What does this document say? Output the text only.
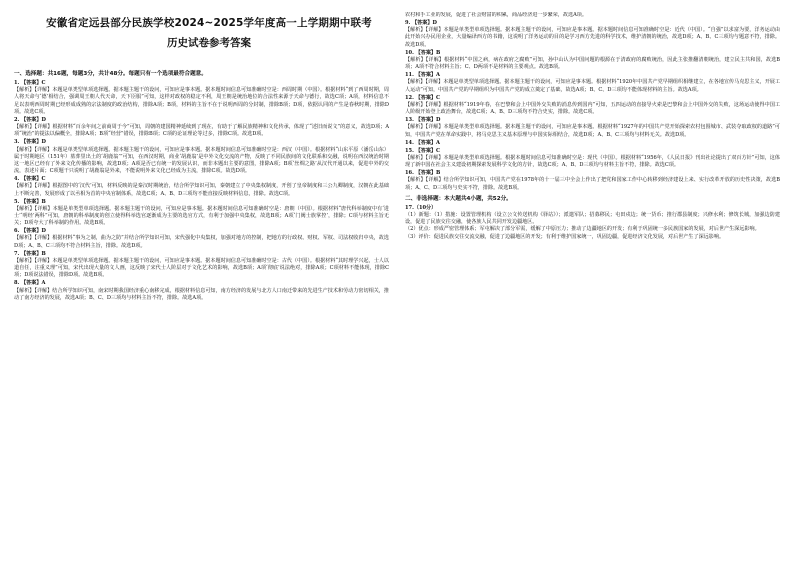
安徽省定远县部分民族学校2024~2025学年度高一上学期期中联考
历史试卷参考答案
一、选择题：共16题，每题3分，共计48分。每题只有一个选项最符合题意。
1. 【答案】C
【解析】【详解】本题是单类型单项选择题。据本题主题干的设问，可知应是事本题。据本题时间信息可知准确时空是：西周时期（中国）。根据材料“到了西周时期，周人将天命与‘德’相结合，强调周王朝人代天命，天下臣服”可知，这样对政权的稳定不利，周王朝是统治地位的合法性来源于天命与德行，故选C项；A项，材料信息不足以表明西周时期已经形成成熟的宗法制度的政治结构，排除A项；B项，材料的主旨不在于说明西周的分封制，排除B项；D项，依据认同的产生是春秋时期，排除D项。故选C项。
2. 【答案】D
【解析】【详解】根据材料“百余年间之前商周于今”可知，周朝的建国精神延续到了现在，有助于了解民族精神和文化传承，体现了“述旧而说文”的意义，故选D项；A项“统治”的提法以偏概全，排除A项；B项“经营”错误，排除B项；C项的论证理论等过多，排除C项。故选D项。
3. 【答案】D
【解析】【详解】本题是单类型单项选择题。据本题主题干的设问，可知应是事本题。据本题时间信息可知准确时空是：西汉（中国）。根据材料“山东平原（潘岳山东）属于时期地区（151年）墓葬里出土的‘胡鹿翁’”可知，在西汉时期，商业‘胡鹿翁’是中外文化交流的产物，反映了不同民族间的文化联系和交融，说明在西汉统治时期这一地区已经有了外来文化传播的影响，故选D项；A项是否已有统一的发展认识，而非本题出主要的意图，排除A项；B项‘丝绸之路’从汉代开通以来，促进中外的交流，表述片面；C项题干只说明了胡鹿翁是外来，不能说明外来文化已经成为主流，排除C项。故选D项。
4. 【答案】C
【解析】【详解】根据图中的‘汉代’可知，材料反映的是秦汉时期统治，结合所学知识可知，秦朝建立了中央集权制度，开创了皇帝制度和三公九卿制度，汉朝在此基础上不断完善，发展形成了以丞相为首的中央官制体系，故选C项；A、B、D三项均不能直接反映材料信息，排除。故选C项。
5. 【答案】B
【解析】【详解】本题是单类型单项选择题。据本题主题干的设问，可知应是事本题。据本题时间信息可知准确时空是：唐朝（中国）。根据材料“唐代科举制度中有‘进士’‘明经’两科”可知，唐朝的科举制度的创立使得科举选官逐渐成为主要的选官方式，有利于加强中央集权，故选B项；A项‘门阀士族掌控’，排除；C项与材料主旨无关；D项夸大了科举制的作用。故选B项。
6. 【答案】D
【解析】【详解】根据材料“事为之制，曲为之防”并结合所学知识可知，宋代强化中央集权，加强对地方的控制，把地方的行政权、财权、军权、司法权收归中央，故选D项；A、B、C三项均不符合材料主旨，排除。故选D项。
7. 【答案】B
【解析】【详解】本题是单类型单项选择题。据本题主题干的设问，可知应是事本题。据本题时间信息可知准确时空是：古代（中国）。根据材料“其时理学兴起，士人以道自任，注重义理”可知，宋代出现大量的文人画，这反映了宋代士人阶层对于文化艺术的影响，故选B项；A项‘彻底’说法绝对，排除A项；C项材料不能体现，排除C项；D项说法错误，排除D项。故选B项。
8. 【答案】A
【解析】【详解】结合所学知识可知，南宋时期我国经济重心南移完成，根据材料信息可知，南方经济的发展与北方人口南迁带来的先进生产技术和劳动力密切相关，推动了南方经济的发展，故选A项；B、C、D三项均与材料主旨不符，排除。故选A项。
农村和手工业的发展，促进了社会财富的积累，商品经济进一步繁荣，故选A项。
9. 【答案】D
【解析】【详解】本题是单类型单项选择题。据本题主题干的设问，可知应是事本题。据本题时间信息可知准确时空是：近代（中国）。“自强”以求富为要，洋务运动由此开始兴办民用企业，大量编译西方的书籍，这说明了洋务运动的目的是学习西方先进的科学技术，维护清朝的统治，故选D项；A、B、C三项均与题意不符，排除。故选D项。
10. 【答案】B
【解析】【详解】根据材料“中国之病，病在政府之腐败”可知，孙中山认为中国问题的根源在于清政府的腐败统治，因此主张推翻清朝统治，建立民主共和国，故选B项；A项不符合材料主旨；C、D两项不是材料的主要观点。故选B项。
11. 【答案】A
【解析】【详解】本题是单类型单项选择题。据本题主题干的设问，可知应是事本题。根据材料“1920年中国共产党早期组织相继建立，在各地宣传马克思主义，开展工人运动”可知，中国共产党的早期组织为中国共产党的成立奠定了基础，故选A项；B、C、D三项均不能体现材料的主旨。故选A项。
12. 【答案】C
【解析】【详解】根据材料“1919年春，在巴黎和会上中国外交失败的消息传到国内”可知，五四运动的直接导火索是巴黎和会上中国外交的失败，这场运动使得中国工人阶级开始登上政治舞台，故选C项；A、B、D三项均不符合史实，排除。故选C项。
13. 【答案】D
【解析】【详解】本题是单类型单项选择题。据本题主题干的设问，可知应是事本题。根据材料“1927年的中国共产党开始探索农村包围城市、武装夺取政权的道路”可知，中国共产党在革命实践中，将马克思主义基本原理与中国实际相结合，故选D项；A、B、C三项均与材料无关。故选D项。
14. 【答案】A
15. 【答案】C
【解析】【详解】本题是单类型单项选择题。根据本题时间信息可知准确时空是：现代（中国）。根据材料“1956年，《人民日报》刊出社论提出了双百方针”可知，这体现了新中国在社会主义建设初期探索发展科学文化的方针，故选C项；A、B、D三项均与材料主旨不符，排除。故选C项。
16. 【答案】B
【解析】【详解】结合所学知识可知，中国共产党在1978年的十一届三中全会上作出了把党和国家工作中心转移到经济建设上来、实行改革开放的历史性决策，故选B项；A、C、D三项均与史实不符，排除。故选B项。
二、非选择题：本大题共4小题，共52分。
17.（10分）
（1）新题：（1）措施：设置管理机构（设立公文传送机构《驿站》）；派遣军队；招募移民；屯田戍边；统一货币；推行郡县制度；兴修水利；修筑长城，加强边防建设，促进了民族交往交融，使各族人民共同开发边疆地区。
（2）优点：形成严密管理体系；军屯解决了部分军需，缓解了中原压力；推动了边疆地区的开发；有利于巩固统一多民族国家的发展，对后世产生深远影响。
（3）评价：促进民族交往交流交融，促进了边疆地区的开发；有利于维护国家统一，巩固边疆，促进经济文化发展，对后世产生了深远影响。
